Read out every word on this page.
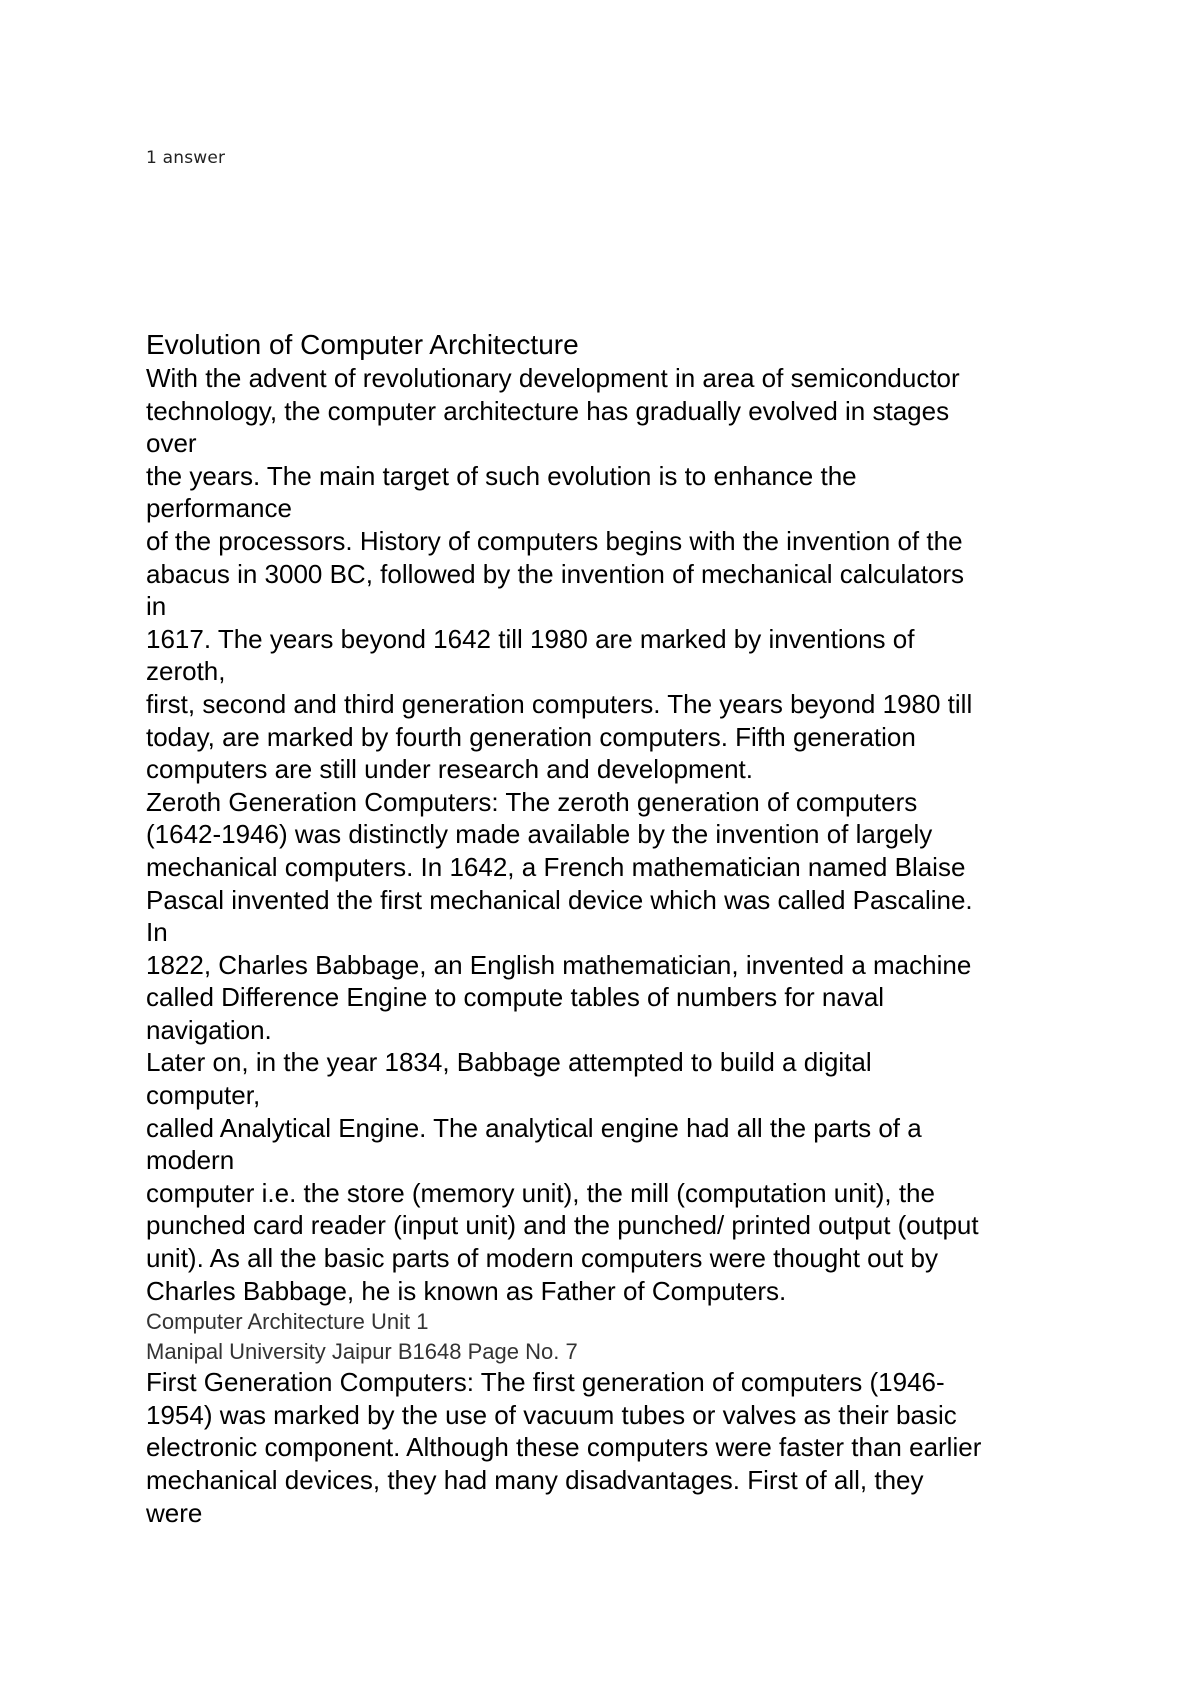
1 answer
Evolution of Computer Architecture
With the advent of revolutionary development in area of semiconductor
technology, the computer architecture has gradually evolved in stages
over
the years. The main target of such evolution is to enhance the
performance
of the processors. History of computers begins with the invention of the
abacus in 3000 BC, followed by the invention of mechanical calculators
in
1617. The years beyond 1642 till 1980 are marked by inventions of
zeroth,
first, second and third generation computers. The years beyond 1980 till
today, are marked by fourth generation computers. Fifth generation
computers are still under research and development.
Zeroth Generation Computers: The zeroth generation of computers
(1642-1946) was distinctly made available by the invention of largely
mechanical computers. In 1642, a French mathematician named Blaise
Pascal invented the first mechanical device which was called Pascaline.
In
1822, Charles Babbage, an English mathematician, invented a machine
called Difference Engine to compute tables of numbers for naval
navigation.
Later on, in the year 1834, Babbage attempted to build a digital
computer,
called Analytical Engine. The analytical engine had all the parts of a
modern
computer i.e. the store (memory unit), the mill (computation unit), the
punched card reader (input unit) and the punched/ printed output (output
unit). As all the basic parts of modern computers were thought out by
Charles Babbage, he is known as Father of Computers.
Computer Architecture Unit 1
Manipal University Jaipur B1648 Page No. 7
First Generation Computers: The first generation of computers (1946-
1954) was marked by the use of vacuum tubes or valves as their basic
electronic component. Although these computers were faster than earlier
mechanical devices, they had many disadvantages. First of all, they
were
